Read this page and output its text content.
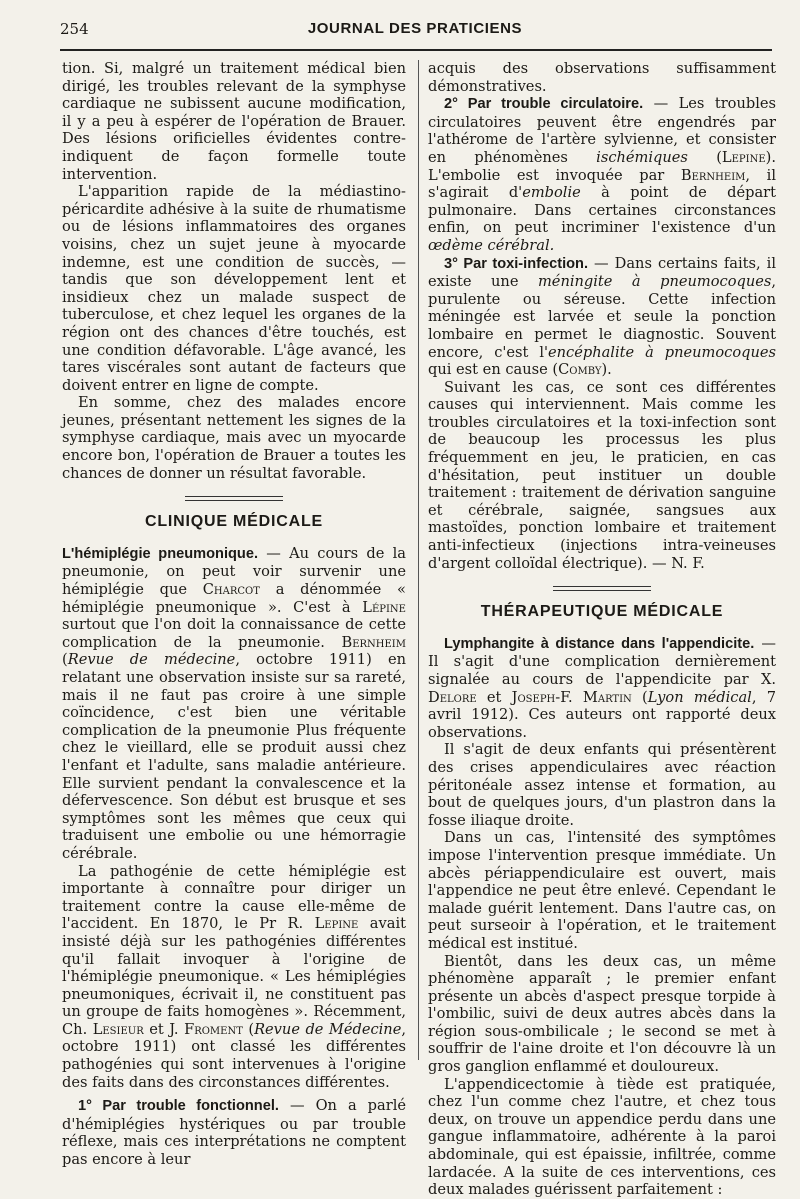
254	JOURNAL DES PRATICIENS

tion. Si, malgré un traitement médical bien dirigé, les troubles relevant de la symphyse cardiaque ne subissent aucune modification, il y a peu à espérer de l'opération de Brauer. Des lésions orificielles évidentes contre-indiquent de façon formelle toute intervention.

L'apparition rapide de la médiastino-péricardite adhésive à la suite de rhumatisme ou de lésions inflammatoires des organes voisins, chez un sujet jeune à myocarde indemne, est une condition de succès, — tandis que son développement lent et insidieux chez un malade suspect de tuberculose, et chez lequel les organes de la région ont des chances d'être touchés, est une condition défavorable. L'âge avancé, les tares viscérales sont autant de facteurs que doivent entrer en ligne de compte.

En somme, chez des malades encore jeunes, présentant nettement les signes de la symphyse cardiaque, mais avec un myocarde encore bon, l'opération de Brauer a toutes les chances de donner un résultat favorable.

CLINIQUE MÉDICALE

L'hémiplégie pneumonique. — Au cours de la pneumonie, on peut voir survenir une hémiplégie que Charcot a dénommée « hémiplégie pneumonique ». C'est à Lépine surtout que l'on doit la connaissance de cette complication de la pneumonie. Bernheim (Revue de médecine, octobre 1911) en relatant une observation insiste sur sa rareté, mais il ne faut pas croire à une simple coïncidence, c'est bien une véritable complication de la pneumonie Plus fréquente chez le vieillard, elle se produit aussi chez l'enfant et l'adulte, sans maladie antérieure. Elle survient pendant la convalescence et la défervescence. Son début est brusque et ses symptômes sont les mêmes que ceux qui traduisent une embolie ou une hémorragie cérébrale.

La pathogénie de cette hémiplégie est importante à connaître pour diriger un traitement contre la cause elle-même de l'accident. En 1870, le Pr R. Lepine avait insisté déjà sur les pathogénies différentes qu'il fallait invoquer à l'origine de l'hémiplégie pneumonique. « Les hémiplégies pneumoniques, écrivait il, ne constituent pas un groupe de faits homogènes ». Récemment, Ch. Lesieur et J. Froment (Revue de Médecine, octobre 1911) ont classé les différentes pathogénies qui sont intervenues à l'origine des faits dans des circonstances différentes.

1° Par trouble fonctionnel. — On a parlé d'hémiplégies hystériques ou par trouble réflexe, mais ces interprétations ne comptent pas encore à leur

acquis des observations suffisamment démonstratives.

2° Par trouble circulatoire. — Les troubles circulatoires peuvent être engendrés par l'athérome de l'artère sylvienne, et consister en phénomènes ischémiques (Lepine). L'embolie est invoquée par Bernheim, il s'agirait d'embolie à point de départ pulmonaire. Dans certaines circonstances enfin, on peut incriminer l'existence d'un œdème cérébral.

3° Par toxi-infection. — Dans certains faits, il existe une méningite à pneumocoques, purulente ou séreuse. Cette infection méningée est larvée et seule la ponction lombaire en permet le diagnostic. Souvent encore, c'est l'encéphalite à pneumocoques qui est en cause (Comby).

Suivant les cas, ce sont ces différentes causes qui interviennent. Mais comme les troubles circulatoires et la toxi-infection sont de beaucoup les processus les plus fréquemment en jeu, le praticien, en cas d'hésitation, peut instituer un double traitement : traitement de dérivation sanguine et cérébrale, saignée, sangsues aux mastoïdes, ponction lombaire et traitement anti-infectieux (injections intra-veineuses d'argent colloïdal électrique). — N. F.

THÉRAPEUTIQUE MÉDICALE

Lymphangite à distance dans l'appendicite. — Il s'agit d'une complication dernièrement signalée au cours de l'appendicite par X. Delore et Joseph-F. Martin (Lyon médical, 7 avril 1912). Ces auteurs ont rapporté deux observations.

Il s'agit de deux enfants qui présentèrent des crises appendiculaires avec réaction péritonéale assez intense et formation, au bout de quelques jours, d'un plastron dans la fosse iliaque droite.

Dans un cas, l'intensité des symptômes impose l'intervention presque immédiate. Un abcès périappendiculaire est ouvert, mais l'appendice ne peut être enlevé. Cependant le malade guérit lentement. Dans l'autre cas, on peut surseoir à l'opération, et le traitement médical est institué.

Bientôt, dans les deux cas, un même phénomène apparaît ; le premier enfant présente un abcès d'aspect presque torpide à l'ombilic, suivi de deux autres abcès dans la région sous-ombilicale ; le second se met à souffrir de l'aine droite et l'on découvre là un gros ganglion enflammé et douloureux.

L'appendicectomie à tiède est pratiquée, chez l'un comme chez l'autre, et chez tous deux, on trouve un appendice perdu dans une gangue inflammatoire, adhérente à la paroi abdominale, qui est épaissie, infiltrée, comme lardacée. A la suite de ces interventions, ces deux malades guérissent parfaitement :
